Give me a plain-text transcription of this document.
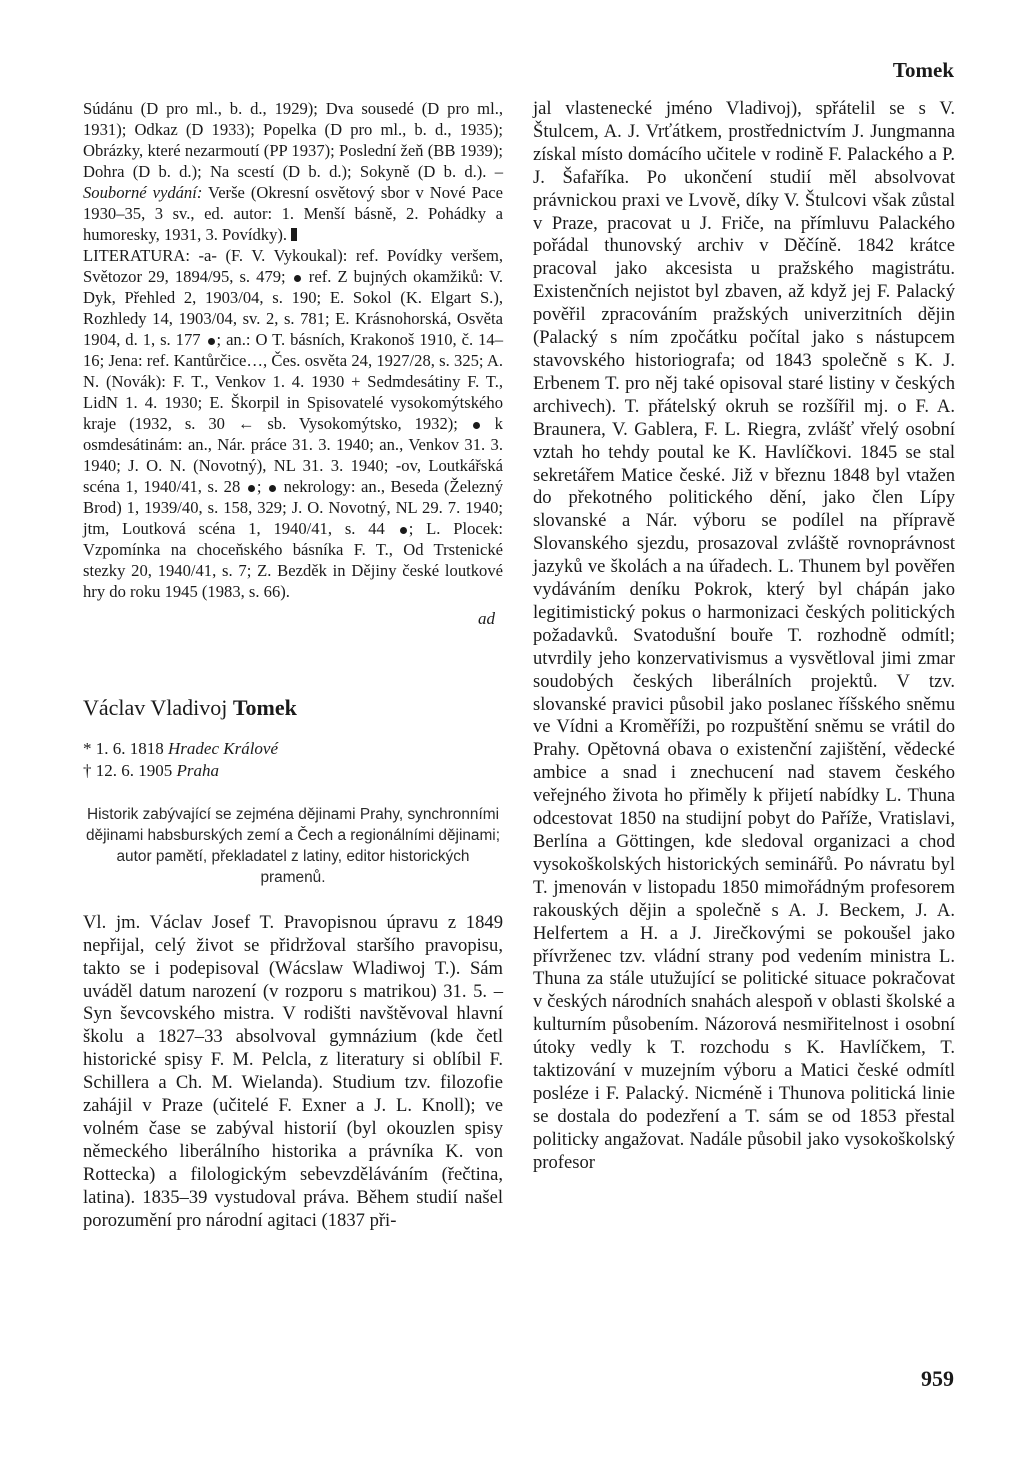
Tomek

Súdánu (D pro ml., b. d., 1929); Dva sousedé (D pro ml., 1931); Odkaz (D 1933); Popelka (D pro ml., b. d., 1935); Obrázky, které nezarmoutí (PP 1937); Poslední žeň (BB 1939); Dohra (D b. d.); Na scestí (D b. d.); Sokyně (D b. d.). – Souborné vydání: Verše (Okresní osvětový sbor v Nové Pace 1930–35, 3 sv., ed. autor: 1. Menší básně, 2. Pohádky a humoresky, 1931, 3. Povídky).

LITERATURA: -a- (F. V. Vykoukal): ref. Povídky veršem, Světozor 29, 1894/95, s. 479;  ref. Z bujných okamžiků: V. Dyk, Přehled 2, 1903/04, s. 190; E. Sokol (K. Elgart S.), Rozhledy 14, 1903/04, sv. 2, s. 781; E. Krásnohorská, Osvěta 1904, d. 1, s. 177 ; an.: O T. básních, Krakonoš 1910, č. 14–16; Jena: ref. Kantůrčice…, Čes. osvěta 24, 1927/28, s. 325; A. N. (Novák): F. T., Venkov 1. 4. 1930 + Sedmdesátiny F. T., LidN 1. 4. 1930; E. Škorpil in Spisovatelé vysokomýtského kraje (1932, s. 30 ← sb. Vysokomýtsko, 1932);  k osmdesátinám: an., Nár. práce 31. 3. 1940; an., Venkov 31. 3. 1940; J. O. N. (Novotný), NL 31. 3. 1940; -ov, Loutkářská scéna 1, 1940/41, s. 28 ;  nekrology: an., Beseda (Železný Brod) 1, 1939/40, s. 158, 329; J. O. Novotný, NL 29. 7. 1940; jtm, Loutková scéna 1, 1940/41, s. 44 ; L. Plocek: Vzpomínka na choceňského básníka F. T., Od Trstenické stezky 20, 1940/41, s. 7; Z. Bezděk in Dějiny české loutkové hry do roku 1945 (1983, s. 66).

ad

Václav Vladivoj Tomek
* 1. 6. 1818 Hradec Králové
† 12. 6. 1905 Praha

Historik zabývající se zejména dějinami Prahy, synchronními dějinami habsburských zemí a Čech a regionálními dějinami; autor pamětí, překladatel z latiny, editor historických pramenů.

Vl. jm. Václav Josef T. Pravopisnou úpravu z 1849 nepřijal, celý život se přidržoval staršího pravopisu, takto se i podepisoval (Wácslaw Wladiwoj T.). Sám uváděl datum narození (v rozporu s matrikou) 31. 5. – Syn ševcovského mistra. V rodišti navštěvoval hlavní školu a 1827–33 absolvoval gymnázium (kde četl historické spisy F. M. Pelcla, z literatury si oblíbil F. Schillera a Ch. M. Wielanda). Studium tzv. filozofie zahájil v Praze (učitelé F. Exner a J. L. Knoll); ve volném čase se zabýval historií (byl okouzlen spisy německého liberálního historika a právníka K. von Rottecka) a filologickým sebevzděláváním (řečtina, latina). 1835–39 vystudoval práva. Během studií našel porozumění pro národní agitaci (1837 při-

jal vlastenecké jméno Vladivoj), spřátelil se s V. Štulcem, A. J. Vrťátkem, prostřednictvím J. Jungmanna získal místo domácího učitele v rodině F. Palackého a P. J. Šafaříka. Po ukončení studií měl absolvovat právnickou praxi ve Lvově, díky V. Štulcovi však zůstal v Praze, pracovat u J. Friče, na přímluvu Palackého pořádal thunovský archiv v Děčíně. 1842 krátce pracoval jako akcesista u pražského magistrátu. Existenčních nejistot byl zbaven, až když jej F. Palacký pověřil zpracováním pražských univerzitních dějin (Palacký s ním zpočátku počítal jako s nástupcem stavovského historiografa; od 1843 společně s K. J. Erbenem T. pro něj také opisoval staré listiny v českých archivech). T. přátelský okruh se rozšířil mj. o F. A. Braunera, V. Gablera, F. L. Riegra, zvlášť vřelý osobní vztah ho tehdy poutal ke K. Havlíčkovi. 1845 se stal sekretářem Matice české. Již v březnu 1848 byl vtažen do překotného politického dění, jako člen Lípy slovanské a Nár. výboru se podílel na přípravě Slovanského sjezdu, prosazoval zvláště rovnoprávnost jazyků ve školách a na úřadech. L. Thunem byl pověřen vydáváním deníku Pokrok, který byl chápán jako legitimistický pokus o harmonizaci českých politických požadavků. Svatodušní bouře T. rozhodně odmítl; utvrdily jeho konzervativismus a vysvětloval jimi zmar soudobých českých liberálních projektů. V tzv. slovanské pravici působil jako poslanec říšského sněmu ve Vídni a Kroměříži, po rozpuštění sněmu se vrátil do Prahy. Opětovná obava o existenční zajištění, vědecké ambice a snad i znechucení nad stavem českého veřejného života ho přiměly k přijetí nabídky L. Thuna odcestovat 1850 na studijní pobyt do Paříže, Vratislavi, Berlína a Göttingen, kde sledoval organizaci a chod vysokoškolských historických seminářů. Po návratu byl T. jmenován v listopadu 1850 mimořádným profesorem rakouských dějin a společně s A. J. Beckem, J. A. Helfertem a H. a J. Jirečkovými se pokoušel jako přívrženec tzv. vládní strany pod vedením ministra L. Thuna za stále utužující se politické situace pokračovat v českých národních snahách alespoň v oblasti školské a kulturním působením. Názorová nesmiřitelnost i osobní útoky vedly k T. rozchodu s K. Havlíčkem, T. taktizování v muzejním výboru a Matici české odmítl posléze i F. Palacký. Nicméně i Thunova politická linie se dostala do podezření a T. sám se od 1853 přestal politicky angažovat. Nadále působil jako vysokoškolský profesor

959
